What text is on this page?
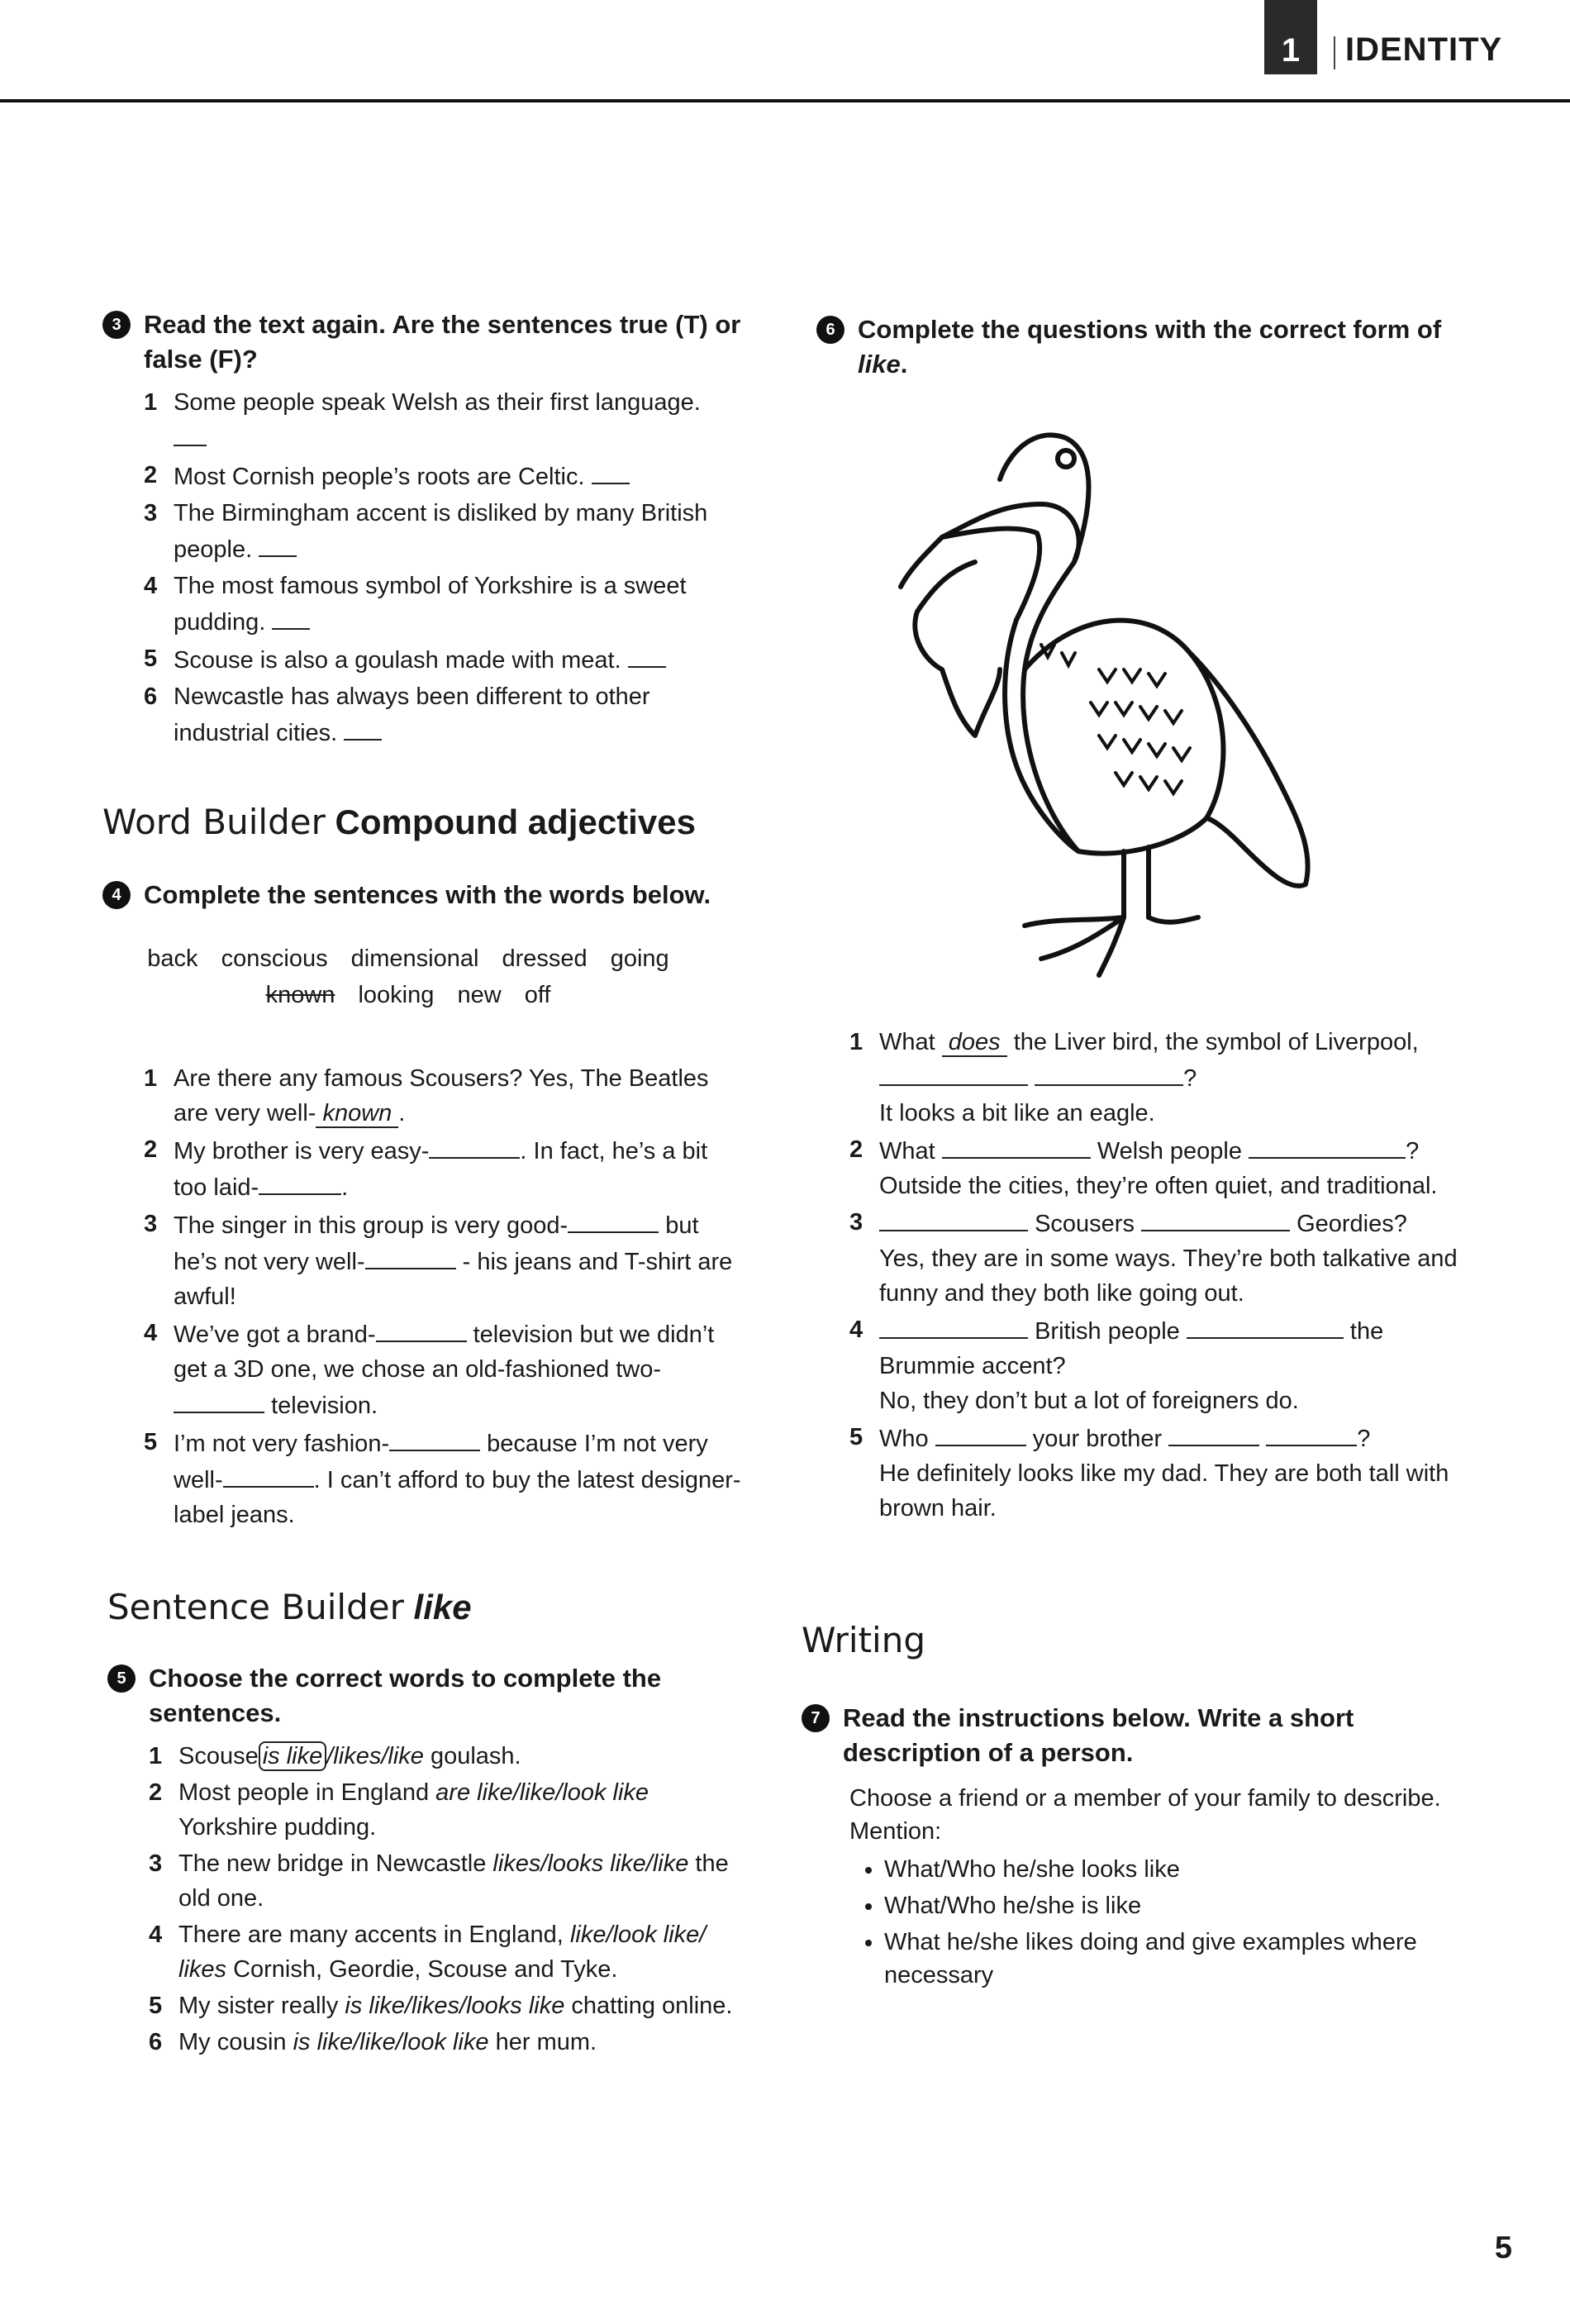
1 IDENTITY
3 Read the text again. Are the sentences true (T) or false (F)?
1 Some people speak Welsh as their first language.

2 Most Cornish people’s roots are Celtic.
3 The Birmingham accent is disliked by many British people.
4 The most famous symbol of Yorkshire is a sweet pudding.
5 Scouse is also a goulash made with meat.
6 Newcastle has always been different to other industrial cities.
Word Builder Compound adjectives
4 Complete the sentences with the words below.
back conscious dimensional dressed going
known looking new off
1 Are there any famous Scousers? Yes, The Beatles are very well- known .
2 My brother is very easy-	. In fact, he’s a bit too laid-	.
3 The singer in this group is very good-	but he’s not very well-	- his jeans and T-shirt are awful!
4 We’ve got a brand-	television but we didn’t get a 3D one, we chose an old-fashioned two- television.
5 I’m not very fashion-	because I’m not very well-	. I can’t afford to buy the latest designer-label jeans.
Sentence Builder like
5 Choose the correct words to complete the sentences.
1 Scouse is like /likes/like goulash.
2 Most people in England are like/like/look like Yorkshire pudding.
3 The new bridge in Newcastle likes/looks like/like the old one.
4 There are many accents in England, like/look like/ likes Cornish, Geordie, Scouse and Tyke.
5 My sister really is like/likes/looks like chatting online.
6 My cousin is like/like/look like her mum.
6 Complete the questions with the correct form of like.
1 What does the Liver bird, the symbol of Liverpool,  ?
It looks a bit like an eagle.
2 What	Welsh people	?
Outside the cities, they’re often quiet, and traditional.
3	Scousers	Geordies?
Yes, they are in some ways. They’re both talkative and funny and they both like going out.
4	British people	the Brummie accent?
No, they don’t but a lot of foreigners do.
5 Who	your brother	?
He definitely looks like my dad. They are both tall with brown hair.
Writing
7 Read the instructions below. Write a short description of a person.
Choose a friend or a member of your family to describe. Mention:
• What/Who he/she looks like
• What/Who he/she is like
• What he/she likes doing and give examples where necessary
5
